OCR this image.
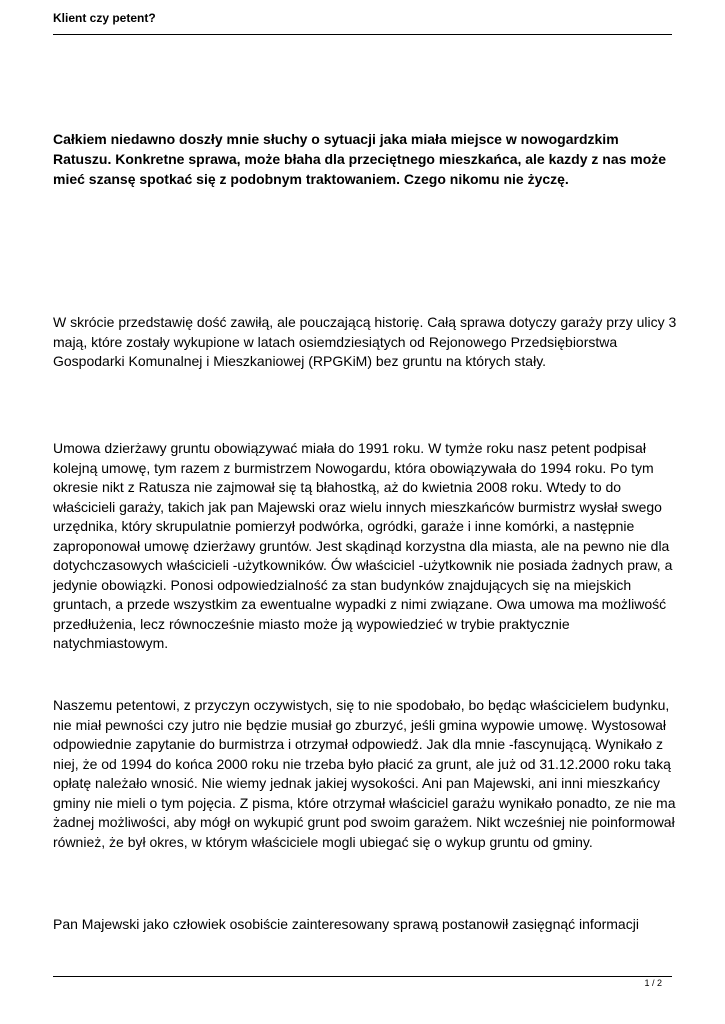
Klient czy petent?

Całkiem niedawno doszły mnie słuchy o sytuacji jaka miała miejsce w nowogardzkim Ratuszu. Konkretne sprawa, może błaha dla przeciętnego mieszkańca, ale kazdy z nas może mieć szansę spotkać się z podobnym traktowaniem. Czego nikomu nie życzę.

W skrócie przedstawię dość zawiłą, ale pouczającą historię. Całą sprawa dotyczy garaży przy ulicy 3 mają, które zostały wykupione w latach osiemdziesiątych od Rejonowego Przedsiębiorstwa Gospodarki Komunalnej i Mieszkaniowej (RPGKiM) bez gruntu na których stały.

Umowa dzierżawy gruntu obowiązywać miała do 1991 roku. W tymże roku nasz petent podpisał kolejną umowę, tym razem z burmistrzem Nowogardu, która obowiązywała do 1994 roku. Po tym okresie nikt z Ratusza nie zajmował się tą błahostką, aż do kwietnia 2008 roku. Wtedy to do właścicieli garaży, takich jak pan Majewski oraz wielu innych mieszkańców burmistrz wysłał swego urzędnika, który skrupulatnie pomierzył podwórka, ogródki, garaże i inne komórki, a następnie zaproponował umowę dzierżawy gruntów. Jest skądinąd korzystna dla miasta, ale na pewno nie dla dotychczasowych właścicieli -użytkowników. Ów właściciel -użytkownik nie posiada żadnych praw, a jedynie obowiązki. Ponosi odpowiedzialność za stan budynków znajdujących się na miejskich gruntach, a przede wszystkim za ewentualne wypadki z nimi związane. Owa umowa ma możliwość przedłużenia, lecz równocześnie miasto może ją wypowiedzieć w trybie praktycznie natychmiastowym.

Naszemu petentowi, z przyczyn oczywistych, się to nie spodobało, bo będąc właścicielem budynku, nie miał pewności czy jutro nie będzie musiał go zburzyć, jeśli gmina wypowie umowę. Wystosował odpowiednie zapytanie do burmistrza i otrzymał odpowiedź. Jak dla mnie -fascynującą. Wynikało z niej, że od 1994 do końca 2000 roku nie trzeba było płacić za grunt, ale już od 31.12.2000 roku taką opłatę należało wnosić. Nie wiemy jednak jakiej wysokości. Ani pan Majewski, ani inni mieszkańcy gminy nie mieli o tym pojęcia. Z pisma, które otrzymał właściciel garażu wynikało ponadto, ze nie ma żadnej możliwości, aby mógł on wykupić grunt pod swoim garażem. Nikt wcześniej nie poinformował również, że był okres, w którym właściciele mogli ubiegać się o wykup gruntu od gminy.

Pan Majewski jako człowiek osobiście zainteresowany sprawą postanowił zasięgnąć informacji

1 / 2
